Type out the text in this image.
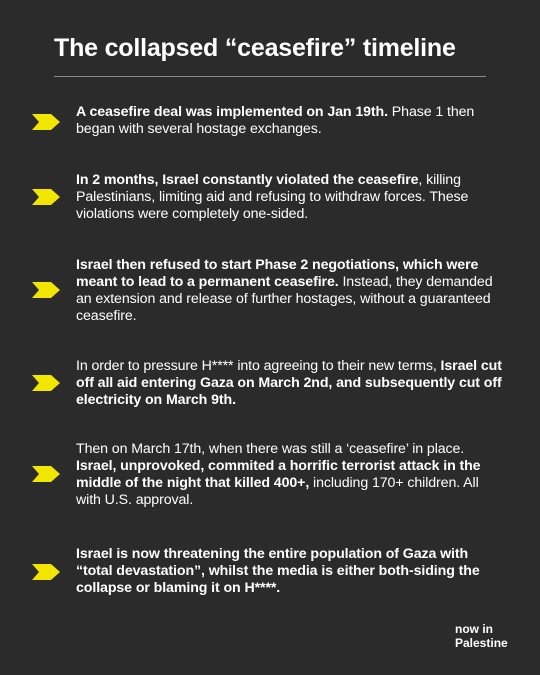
The collapsed “ceasefire” timeline
A ceasefire deal was implemented on Jan 19th. Phase 1 then began with several hostage exchanges.
In 2 months, Israel constantly violated the ceasefire, killing Palestinians, limiting aid and refusing to withdraw forces. These violations were completely one-sided.
Israel then refused to start Phase 2 negotiations, which were meant to lead to a permanent ceasefire. Instead, they demanded an extension and release of further hostages, without a guaranteed ceasefire.
In order to pressure H**** into agreeing to their new terms, Israel cut off all aid entering Gaza on March 2nd, and subsequently cut off electricity on March 9th.
Then on March 17th, when there was still a ‘ceasefire’ in place. Israel, unprovoked, commited a horrific terrorist attack in the middle of the night that killed 400+, including 170+ children. All with U.S. approval.
Israel is now threatening the entire population of Gaza with “total devastation”, whilst the media is either both-siding the collapse or blaming it on H****.
now in
Palestine
